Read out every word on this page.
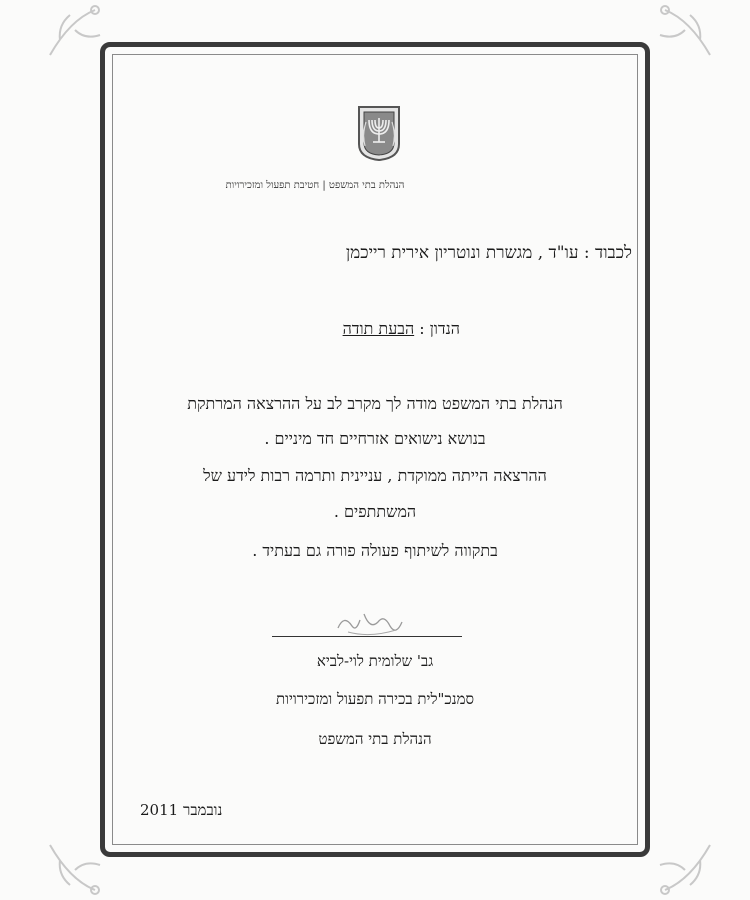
הנהלת בתי המשפט | חטיבת תפעול ומזכירויות
לכבוד : עו"ד , מגשרת ונוטריון אירית רייכמן
הנדון : הבעת תודה
הנהלת בתי המשפט מודה לך מקרב לב על ההרצאה המרתקת
בנושא נישואים אזרחיים חד מיניים .
ההרצאה הייתה ממוקדת , עניינית ותרמה רבות לידע של
המשתתפים .
בתקווה לשיתוף פעולה פורה גם בעתיד .
גב' שלומית לוי-לביא
סמנכ"לית בכירה תפעול ומזכירויות
הנהלת בתי המשפט
נובמבר 2011
